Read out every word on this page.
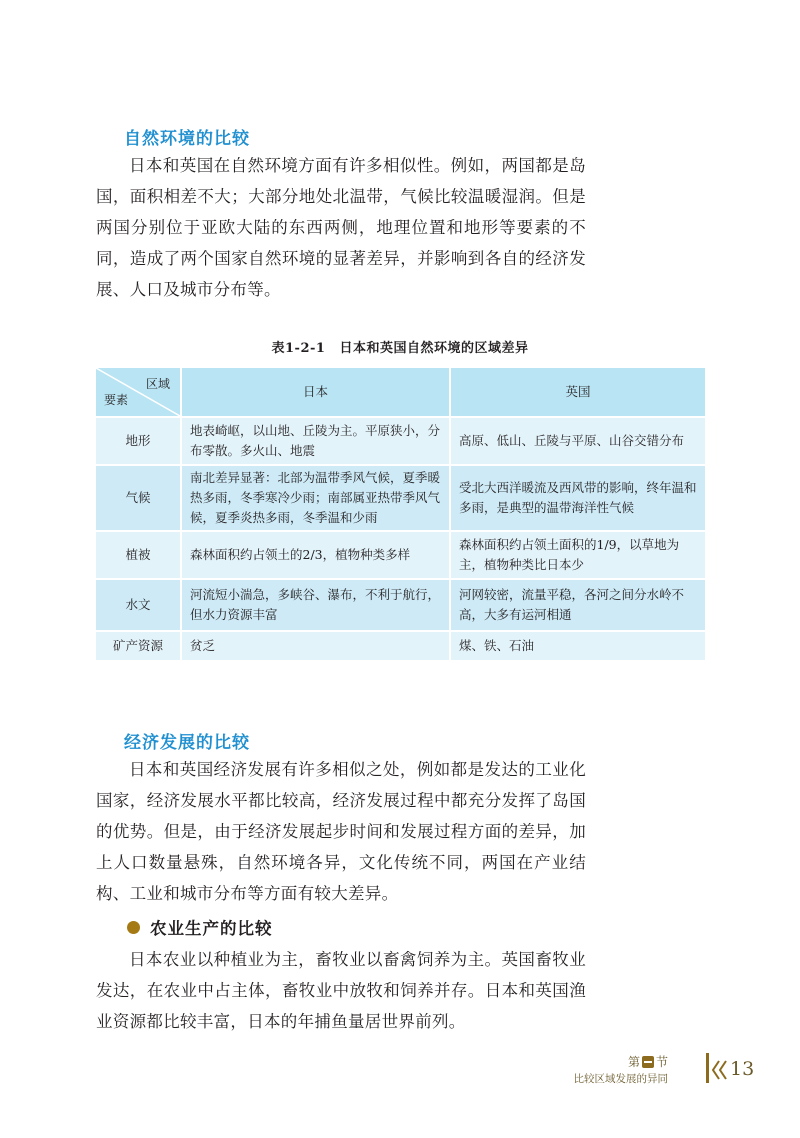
自然环境的比较

日本和英国在自然环境方面有许多相似性。例如，两国都是岛国，面积相差不大；大部分地处北温带，气候比较温暖湿润。但是两国分别位于亚欧大陆的东西两侧，地理位置和地形等要素的不同，造成了两个国家自然环境的显著差异，并影响到各自的经济发展、人口及城市分布等。

表1-2-1 日本和英国自然环境的区域差异
区域
要素	日本	英国
地形	地表崎岖，以山地、丘陵为主。平原狭小，分布零散。多火山、地震	高原、低山、丘陵与平原、山谷交错分布
气候	南北差异显著：北部为温带季风气候，夏季暖热多雨，冬季寒冷少雨；南部属亚热带季风气候，夏季炎热多雨，冬季温和少雨	受北大西洋暖流及西风带的影响，终年温和多雨，是典型的温带海洋性气候
植被	森林面积约占领土的2/3，植物种类多样	森林面积约占领土面积的1/9，以草地为主，植物种类比日本少
水文	河流短小湍急，多峡谷、瀑布，不利于航行，但水力资源丰富	河网较密，流量平稳，各河之间分水岭不高，大多有运河相通
矿产资源	贫乏	煤、铁、石油
经济发展的比较

日本和英国经济发展有许多相似之处，例如都是发达的工业化国家，经济发展水平都比较高，经济发展过程中都充分发挥了岛国的优势。但是，由于经济发展起步时间和发展过程方面的差异，加上人口数量悬殊，自然环境各异，文化传统不同，两国在产业结构、工业和城市分布等方面有较大差异。

农业生产的比较

日本农业以种植业为主，畜牧业以畜禽饲养为主。英国畜牧业发达，在农业中占主体，畜牧业中放牧和饲养并存。日本和英国渔业资源都比较丰富，日本的年捕鱼量居世界前列。

第 节
比较区域发展的异同	13
